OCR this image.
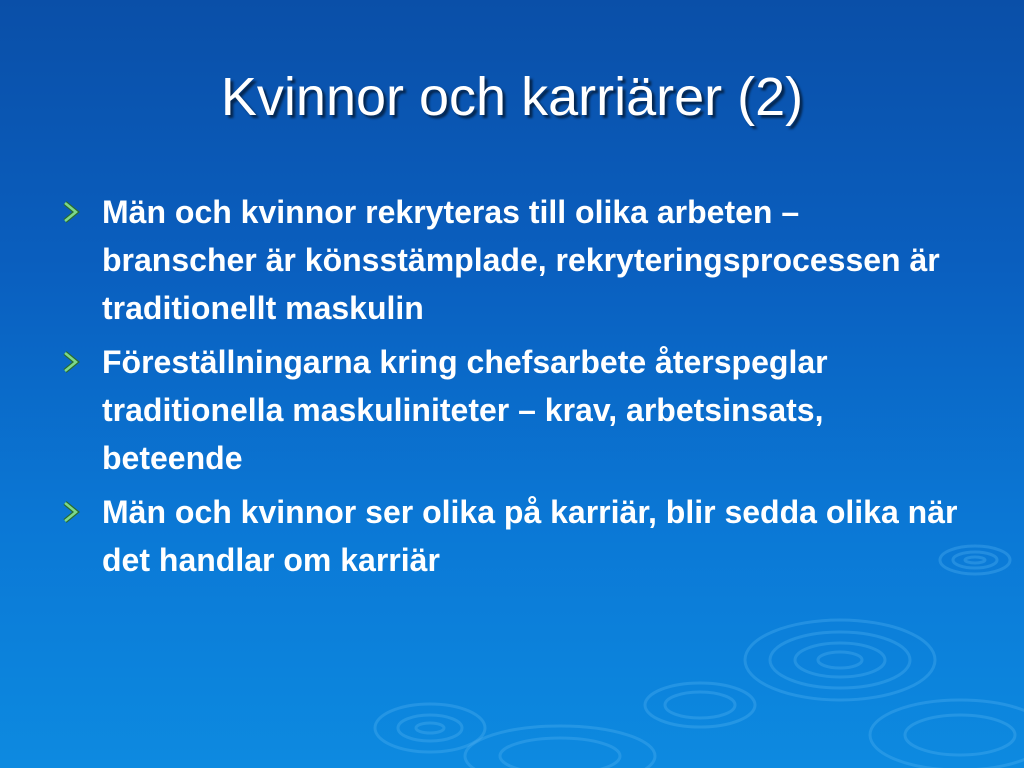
Kvinnor och karriärer (2)
Män och kvinnor rekryteras till olika arbeten – branscher är könsstämplade, rekryteringsprocessen är traditionellt maskulin
Föreställningarna kring chefsarbete återspeglar traditionella maskuliniteter – krav, arbetsinsats, beteende
Män och kvinnor ser olika på karriär, blir sedda olika när det handlar om karriär
